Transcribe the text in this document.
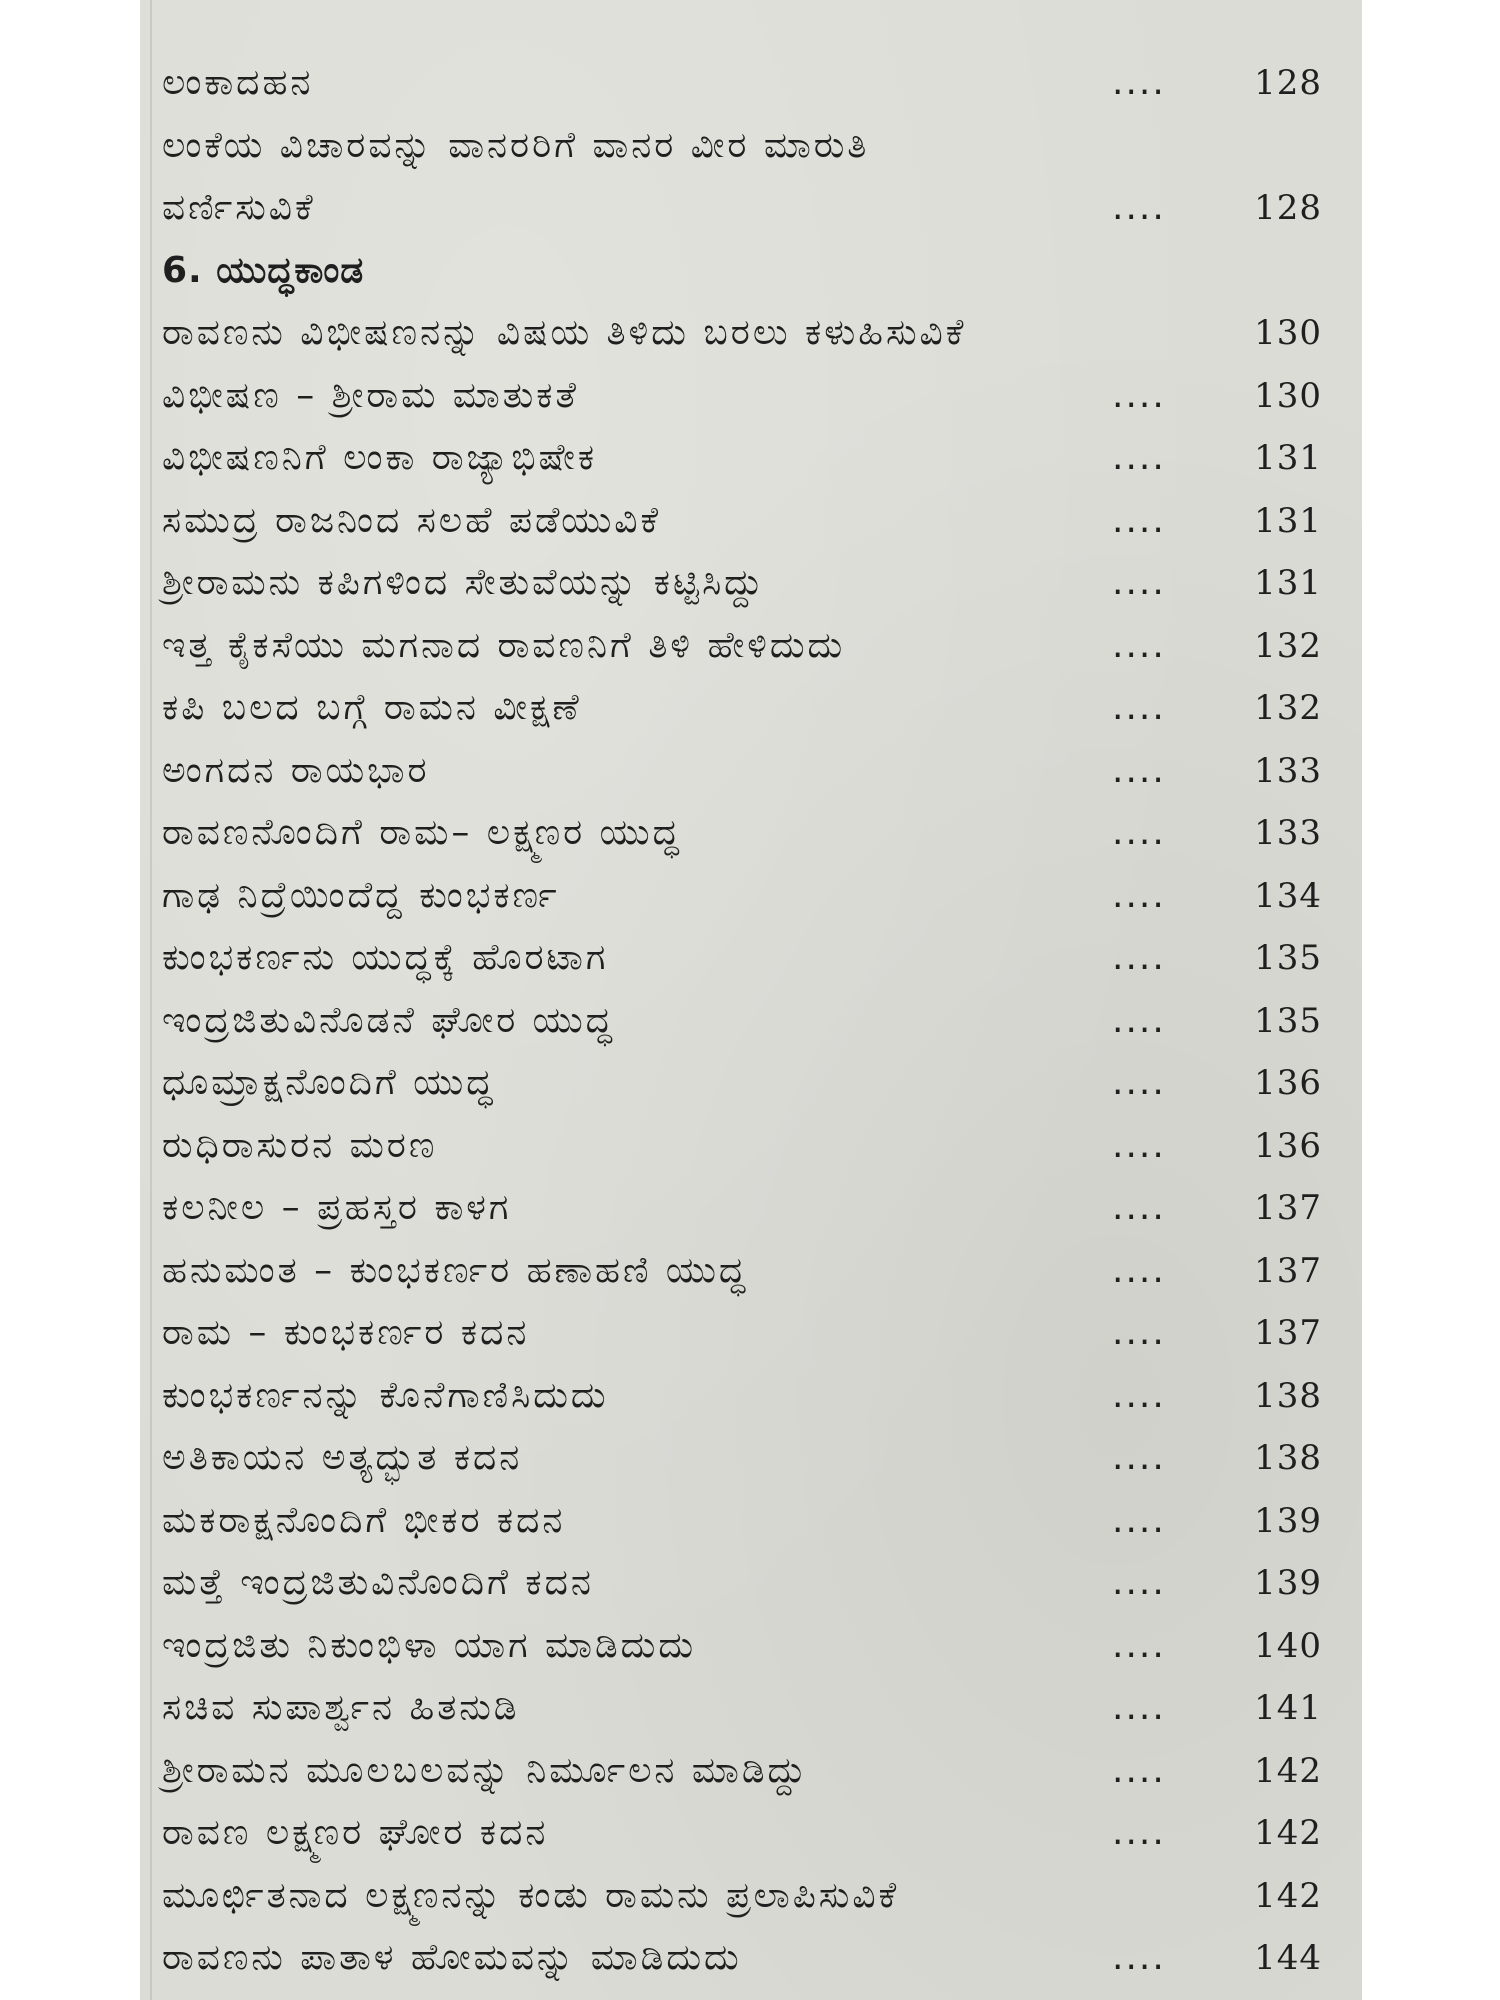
ಲಂಕಾದಹನ	....	128
ಲಂಕೆಯ ವಿಚಾರವನ್ನು ವಾನರರಿಗೆ ವಾನರ ವೀರ ಮಾರುತಿ
ವರ್ಣಿಸುವಿಕೆ	....	128
6. ಯುದ್ಧಕಾಂಡ
ರಾವಣನು ವಿಭೀಷಣನನ್ನು ವಿಷಯ ತಿಳಿದು ಬರಲು ಕಳುಹಿಸುವಿಕೆ	130
ವಿಭೀಷಣ – ಶ್ರೀರಾಮ ಮಾತುಕತೆ	....	130
ವಿಭೀಷಣನಿಗೆ ಲಂಕಾ ರಾಜ್ಯಾಭಿಷೇಕ	....	131
ಸಮುದ್ರ ರಾಜನಿಂದ ಸಲಹೆ ಪಡೆಯುವಿಕೆ	....	131
ಶ್ರೀರಾಮನು ಕಪಿಗಳಿಂದ ಸೇತುವೆಯನ್ನು ಕಟ್ಟಿಸಿದ್ದು	....	131
ಇತ್ತ ಕೈಕಸೆಯು ಮಗನಾದ ರಾವಣನಿಗೆ ತಿಳಿ ಹೇಳಿದುದು	....	132
ಕಪಿ ಬಲದ ಬಗ್ಗೆ ರಾಮನ ವೀಕ್ಷಣೆ	....	132
ಅಂಗದನ ರಾಯಭಾರ	....	133
ರಾವಣನೊಂದಿಗೆ ರಾಮ– ಲಕ್ಷ್ಮಣರ ಯುದ್ಧ	....	133
ಗಾಢ ನಿದ್ರೆಯಿಂದೆದ್ದ ಕುಂಭಕರ್ಣ	....	134
ಕುಂಭಕರ್ಣನು ಯುದ್ಧಕ್ಕೆ ಹೊರಟಾಗ	....	135
ಇಂದ್ರಜಿತುವಿನೊಡನೆ ಘೋರ ಯುದ್ಧ	....	135
ಧೂಮ್ರಾಕ್ಷನೊಂದಿಗೆ ಯುದ್ಧ	....	136
ರುಧಿರಾಸುರನ ಮರಣ	....	136
ಕಲನೀಲ – ಪ್ರಹಸ್ತರ ಕಾಳಗ	....	137
ಹನುಮಂತ – ಕುಂಭಕರ್ಣರ ಹಣಾಹಣಿ ಯುದ್ಧ	....	137
ರಾಮ – ಕುಂಭಕರ್ಣರ ಕದನ	....	137
ಕುಂಭಕರ್ಣನನ್ನು ಕೊನೆಗಾಣಿಸಿದುದು	....	138
ಅತಿಕಾಯನ ಅತ್ಯದ್ಭುತ ಕದನ	....	138
ಮಕರಾಕ್ಷನೊಂದಿಗೆ ಭೀಕರ ಕದನ	....	139
ಮತ್ತೆ ಇಂದ್ರಜಿತುವಿನೊಂದಿಗೆ ಕದನ	....	139
ಇಂದ್ರಜಿತು ನಿಕುಂಭಿಳಾ ಯಾಗ ಮಾಡಿದುದು	....	140
ಸಚಿವ ಸುಪಾರ್ಶ್ವನ ಹಿತನುಡಿ	....	141
ಶ್ರೀರಾಮನ ಮೂಲಬಲವನ್ನು ನಿರ್ಮೂಲನ ಮಾಡಿದ್ದು	....	142
ರಾವಣ ಲಕ್ಷ್ಮಣರ ಘೋರ ಕದನ	....	142
ಮೂರ್ಛಿತನಾದ ಲಕ್ಷ್ಮಣನನ್ನು ಕಂಡು ರಾಮನು ಪ್ರಲಾಪಿಸುವಿಕೆ	142
ರಾವಣನು ಪಾತಾಳ ಹೋಮವನ್ನು ಮಾಡಿದುದು	....	144
